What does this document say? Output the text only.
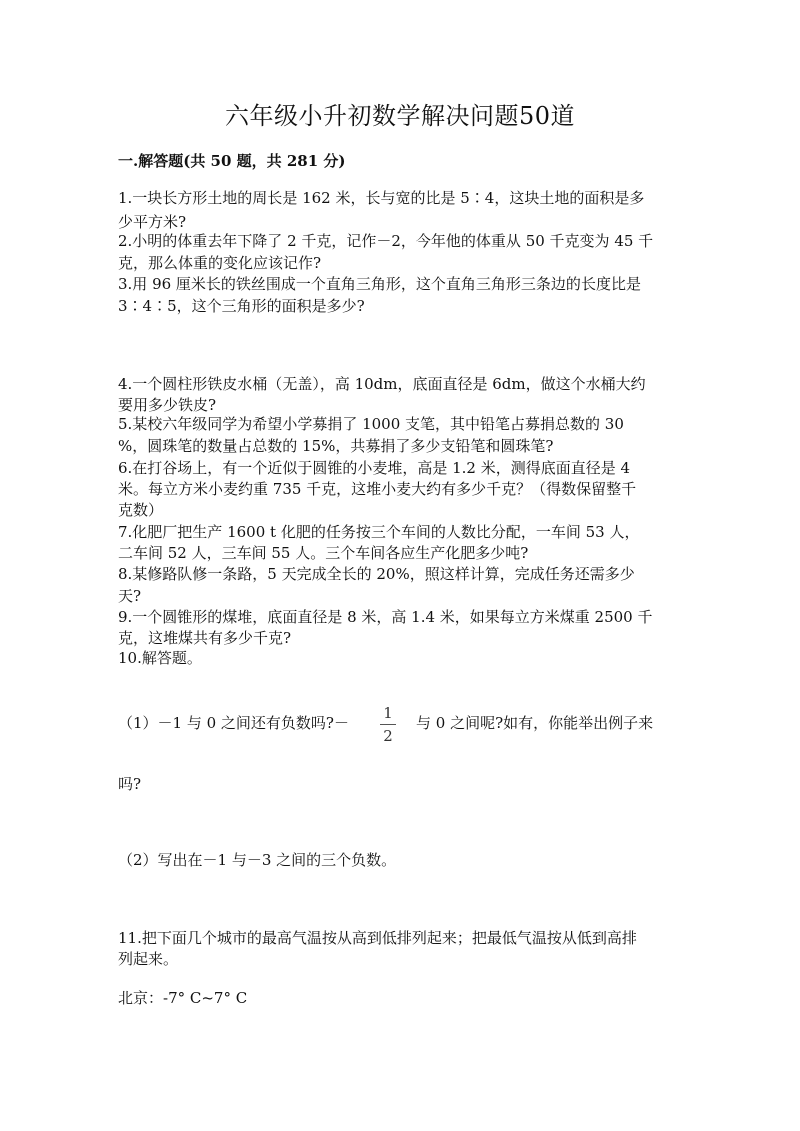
六年级小升初数学解决问题50道
一.解答题(共 50 题，共 281 分)
1.一块长方形土地的周长是 162 米，长与宽的比是 5∶4，这块土地的面积是多
少平方米?
2.小明的体重去年下降了 2 千克，记作－2，今年他的体重从 50 千克变为 45 千
克，那么体重的变化应该记作?
3.用 96 厘米长的铁丝围成一个直角三角形，这个直角三角形三条边的长度比是
3∶4∶5，这个三角形的面积是多少?
4.一个圆柱形铁皮水桶（无盖），高 10dm，底面直径是 6dm，做这个水桶大约
要用多少铁皮?
5.某校六年级同学为希望小学募捐了 1000 支笔，其中铅笔占募捐总数的 30
%，圆珠笔的数量占总数的 15%，共募捐了多少支铅笔和圆珠笔?
6.在打谷场上，有一个近似于圆锥的小麦堆，高是 1.2 米，测得底面直径是 4
米。每立方米小麦约重 735 千克，这堆小麦大约有多少千克？（得数保留整千
克数）
7.化肥厂把生产 1600 t 化肥的任务按三个车间的人数比分配，一车间 53 人，
二车间 52 人，三车间 55 人。三个车间各应生产化肥多少吨?
8.某修路队修一条路，5 天完成全长的 20%，照这样计算，完成任务还需多少
天?
9.一个圆锥形的煤堆，底面直径是 8 米，高 1.4 米，如果每立方米煤重 2500 千
克，这堆煤共有多少千克?
10.解答题。
（1）－1 与 0 之间还有负数吗?－
1
2
与 0 之间呢?如有，你能举出例子来
吗?
（2）写出在－1 与－3 之间的三个负数。
11.把下面几个城市的最高气温按从高到低排列起来；把最低气温按从低到高排
列起来。
北京：-7° C~7° C
